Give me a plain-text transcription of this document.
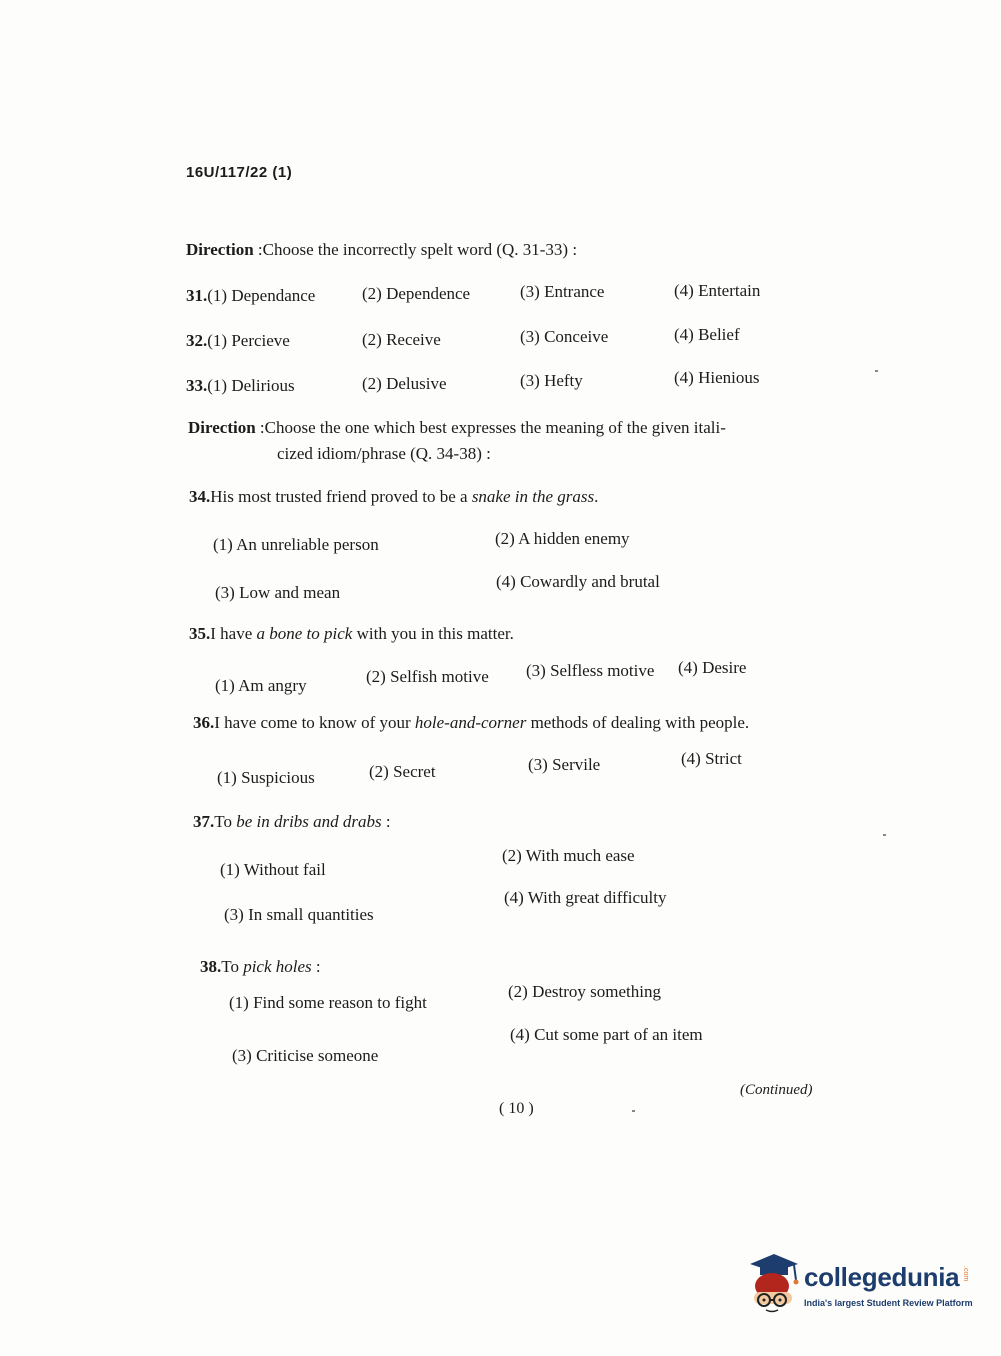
16U/117/22 (1)
Direction :Choose the incorrectly spelt word (Q. 31-33) :
31.(1) Dependance	(2) Dependence	(3) Entrance	(4) Entertain
32.(1) Percieve	(2) Receive	(3) Conceive	(4) Belief
33.(1) Delirious	(2) Delusive	(3) Hefty	(4) Hienious
Direction :Choose the one which best expresses the meaning of the given itali-
cized idiom/phrase (Q. 34-38) :
34.His most trusted friend proved to be a snake in the grass.
(1) An unreliable person	(2) A hidden enemy
(3) Low and mean
(4) Cowardly and brutal
35.I have a bone to pick with you in this matter.
(1) Am angry	(2) Selfish motive (3) Selfless motive (4) Desire
36.I have come to know of your hole-and-corner methods of dealing with people.
(1) Suspicious	(2) Secret	(3) Servile	(4) Strict
37.To be in dribs and drabs :
(1) Without fail
(2) With much ease
(3) In small quantities
(4) With great difficulty
38.To pick holes :
(1) Find some reason to fight
(2) Destroy something
(3) Criticise someone
(4) Cut some part of an item
( 10 )
(Continued)
collegedunia .com
India's largest Student Review Platform
